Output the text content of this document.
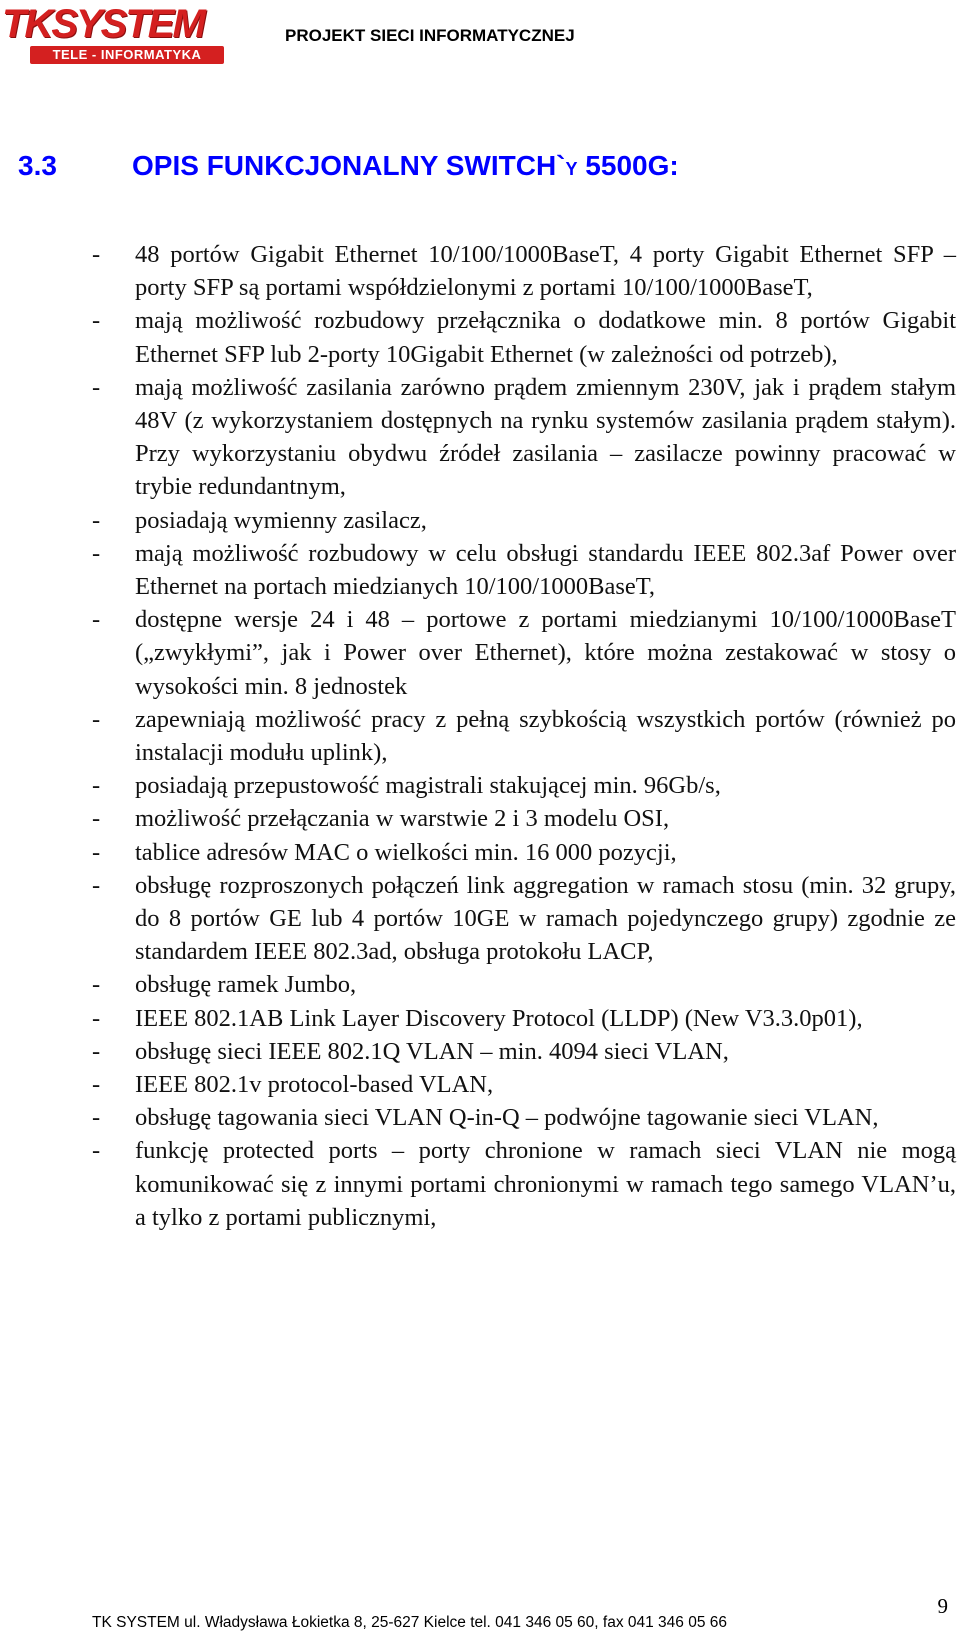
TKSYSTEM
TELE - INFORMATYKA
PROJEKT SIECI INFORMATYCZNEJ
3.3	OPIS FUNKCJONALNY SWITCH`Y 5500G:
- 48 portów Gigabit Ethernet 10/100/1000BaseT, 4 porty Gigabit Ethernet SFP – porty SFP są portami współdzielonymi z portami 10/100/1000BaseT,
- mają możliwość rozbudowy przełącznika o dodatkowe min. 8 portów Gigabit Ethernet SFP lub 2-porty 10Gigabit Ethernet (w zależności od potrzeb),
- mają możliwość zasilania zarówno prądem zmiennym 230V, jak i prądem stałym 48V (z wykorzystaniem dostępnych na rynku systemów zasilania prądem stałym). Przy wykorzystaniu obydwu źródeł zasilania – zasilacze powinny pracować w trybie redundantnym,
- posiadają wymienny zasilacz,
- mają możliwość rozbudowy w celu obsługi standardu IEEE 802.3af Power over Ethernet na portach miedzianych 10/100/1000BaseT,
- dostępne wersje 24 i 48 – portowe z portami miedzianymi 10/100/1000BaseT („zwykłymi”, jak i Power over Ethernet), które można zestakować w stosy o wysokości min. 8 jednostek
- zapewniają możliwość pracy z pełną szybkością wszystkich portów (również po instalacji modułu uplink),
- posiadają przepustowość magistrali stakującej min. 96Gb/s,
- możliwość przełączania w warstwie 2 i 3 modelu OSI,
- tablice adresów MAC o wielkości min. 16 000 pozycji,
- obsługę rozproszonych połączeń link aggregation w ramach stosu (min. 32 grupy, do 8 portów GE lub 4 portów 10GE w ramach pojedynczego grupy) zgodnie ze standardem IEEE 802.3ad, obsługa protokołu LACP,
- obsługę ramek Jumbo,
- IEEE 802.1AB Link Layer Discovery Protocol (LLDP) (New V3.3.0p01),
- obsługę sieci IEEE 802.1Q VLAN – min. 4094 sieci VLAN,
- IEEE 802.1v protocol-based VLAN,
- obsługę tagowania sieci VLAN Q-in-Q – podwójne tagowanie sieci VLAN,
- funkcję protected ports – porty chronione w ramach sieci VLAN nie mogą komunikować się z innymi portami chronionymi w ramach tego samego VLAN’u, a tylko z portami publicznymi,
9
TK SYSTEM ul. Władysława Łokietka 8, 25-627 Kielce tel. 041 346 05 60, fax 041 346 05 66
